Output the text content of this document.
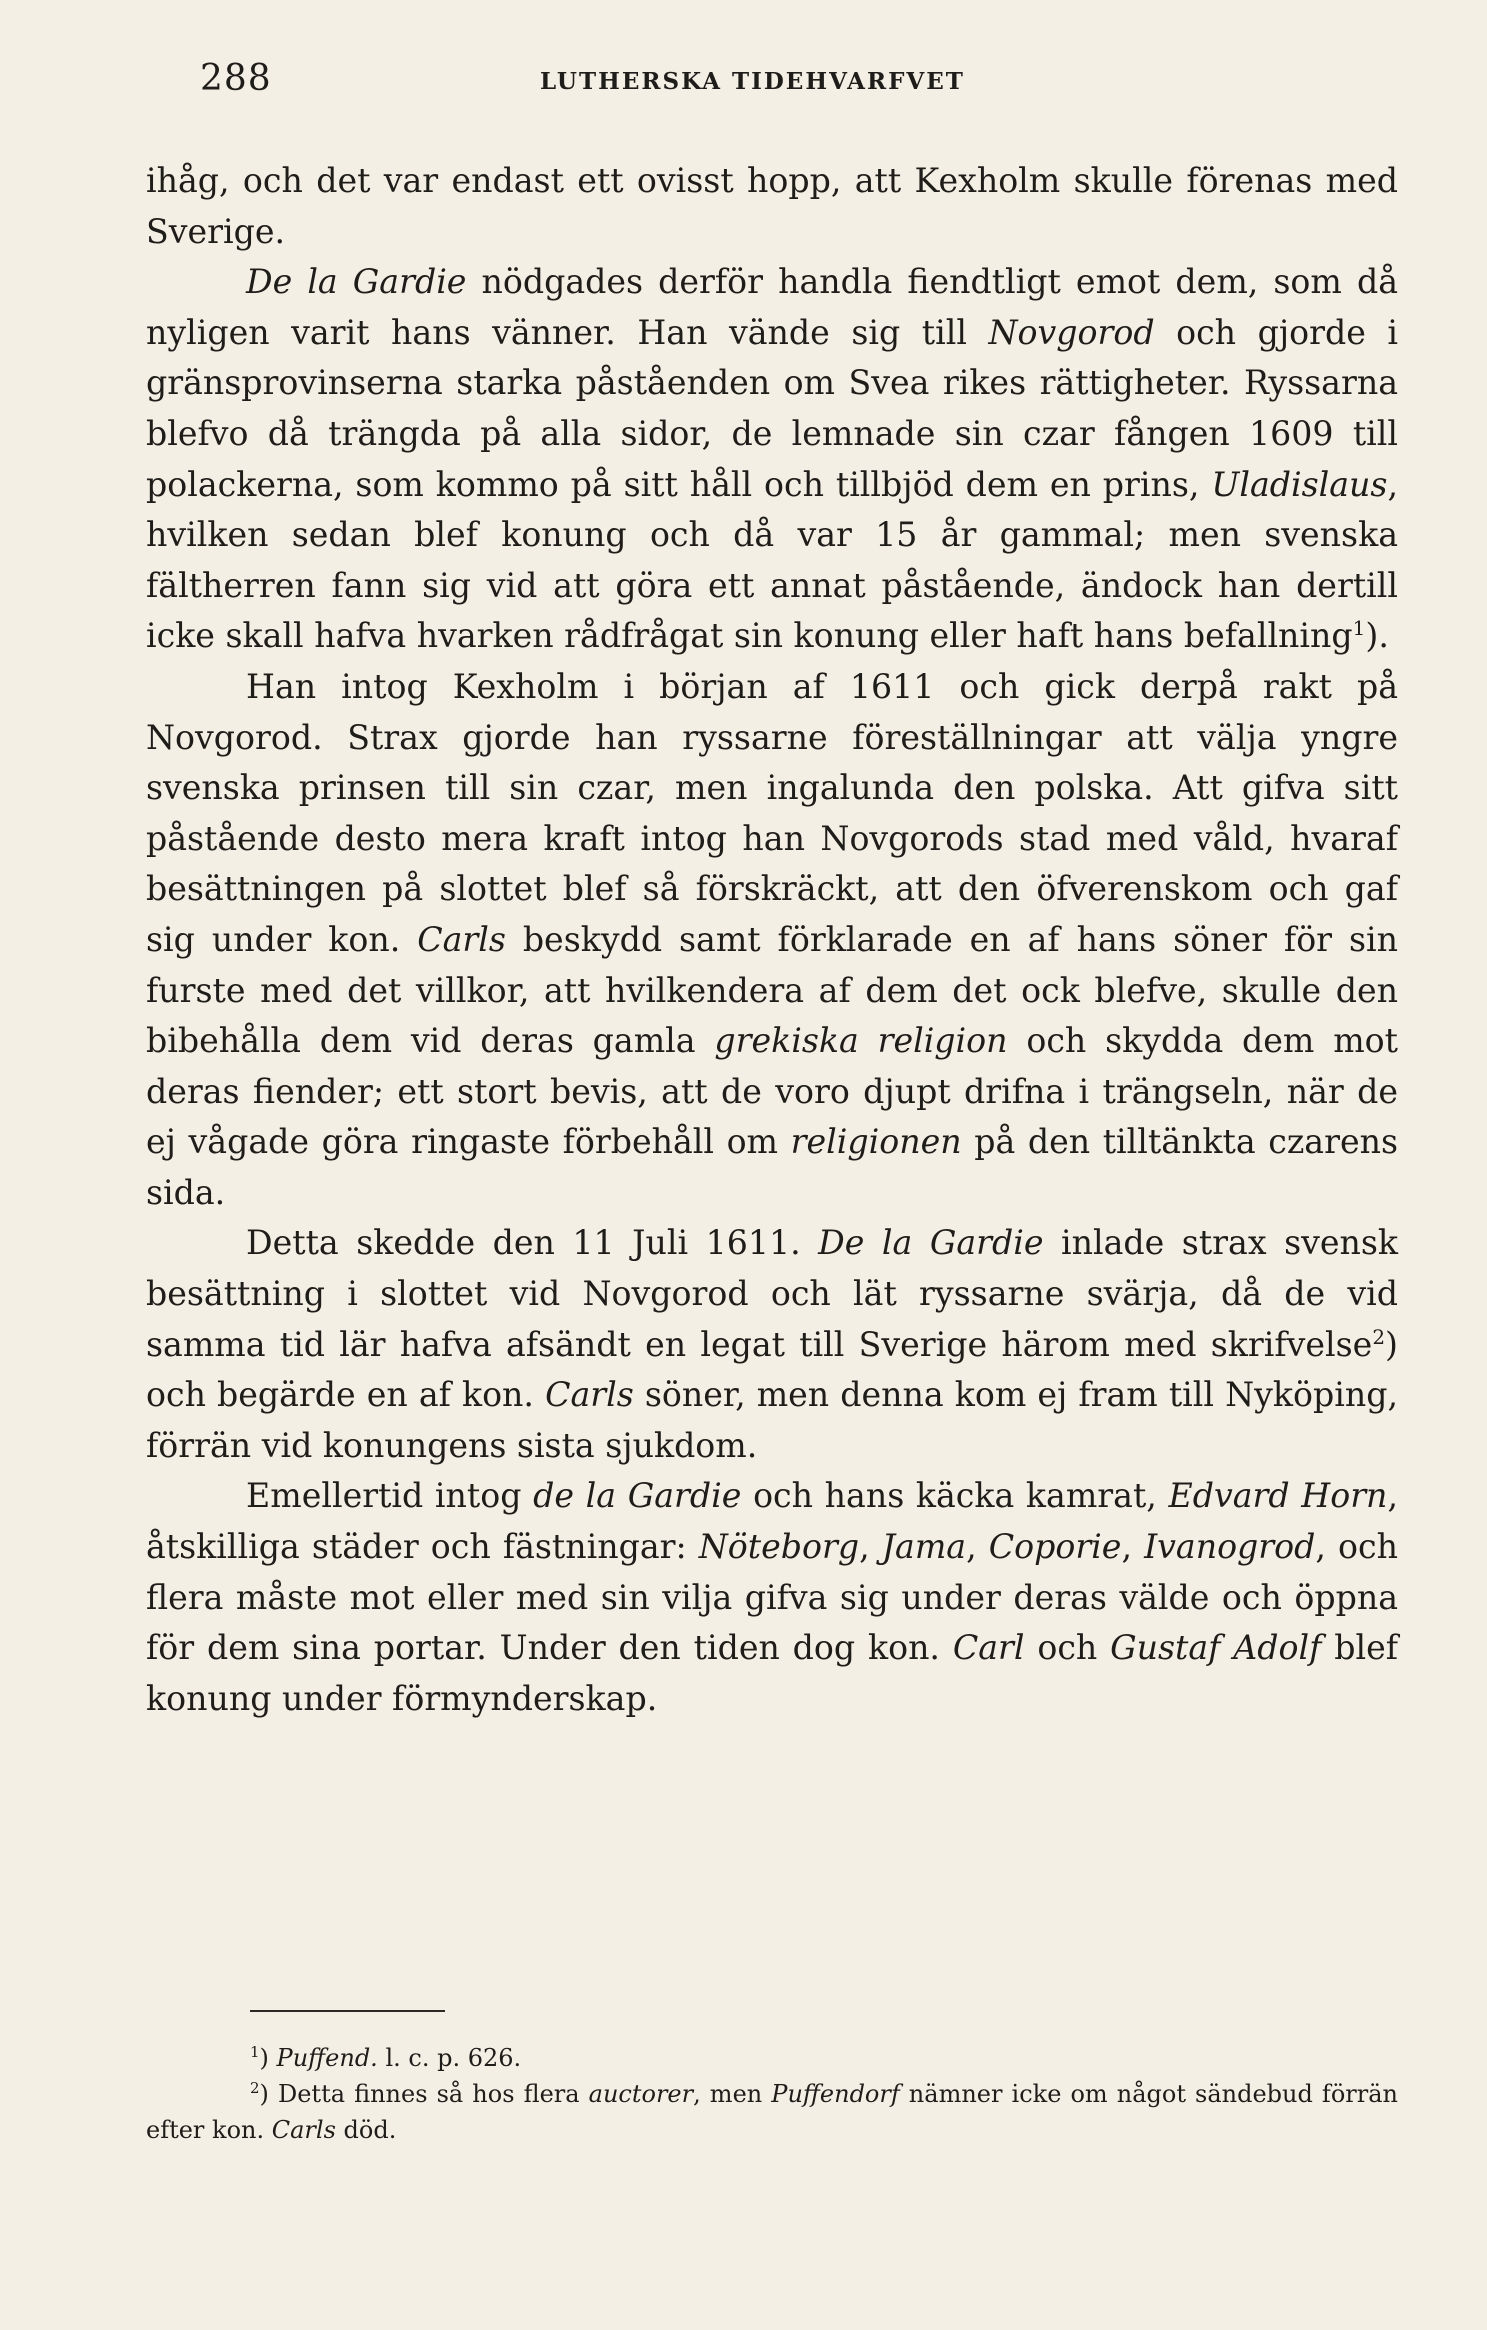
288	LUTHERSKA TIDEHVARFVET

ihåg, och det var endast ett ovisst hopp, att Kexholm skulle förenas med Sverige.

De la Gardie nödgades derför handla fiendtligt emot dem, som då nyligen varit hans vänner. Han vände sig till Novgorod och gjorde i gränsprovinserna starka påståenden om Svea rikes rättigheter. Ryssarna blefvo då trängda på alla sidor, de lemnade sin czar fången 1609 till polackerna, som kommo på sitt håll och tillbjöd dem en prins, Uladislaus, hvilken sedan blef konung och då var 15 år gammal; men svenska fältherren fann sig vid att göra ett annat påstående, ändock han dertill icke skall hafva hvarken rådfrågat sin konung eller haft hans befallning$^1$).

Han intog Kexholm i början af 1611 och gick derpå rakt på Novgorod. Strax gjorde han ryssarne föreställningar att välja yngre svenska prinsen till sin czar, men ingalunda den polska. Att gifva sitt påstående desto mera kraft intog han Novgorods stad med våld, hvaraf besättningen på slottet blef så förskräckt, att den öfverenskom och gaf sig under kon. Carls beskydd samt förklarade en af hans söner för sin furste med det villkor, att hvilkendera af dem det ock blefve, skulle den bibehålla dem vid deras gamla grekiska religion och skydda dem mot deras fiender; ett stort bevis, att de voro djupt drifna i trängseln, när de ej vågade göra ringaste förbehåll om religionen på den tilltänkta czarens sida.

Detta skedde den 11 Juli 1611. De la Gardie inlade strax svensk besättning i slottet vid Novgorod och lät ryssarne svärja, då de vid samma tid lär hafva afsändt en legat till Sverige härom med skrifvelse$^2$) och begärde en af kon. Carls söner, men denna kom ej fram till Nyköping, förrän vid konungens sista sjukdom.

Emellertid intog de la Gardie och hans käcka kamrat, Edvard Horn, åtskilliga städer och fästningar: Nöteborg, Jama, Coporie, Ivanogrod, och flera måste mot eller med sin vilja gifva sig under deras välde och öppna för dem sina portar. Under den tiden dog kon. Carl och Gustaf Adolf blef konung under förmynderskap.

$^1$) Puffend. l. c. p. 626.

$^2$) Detta finnes så hos flera auctorer, men Puffendorf nämner icke om något sändebud förrän efter kon. Carls död.
